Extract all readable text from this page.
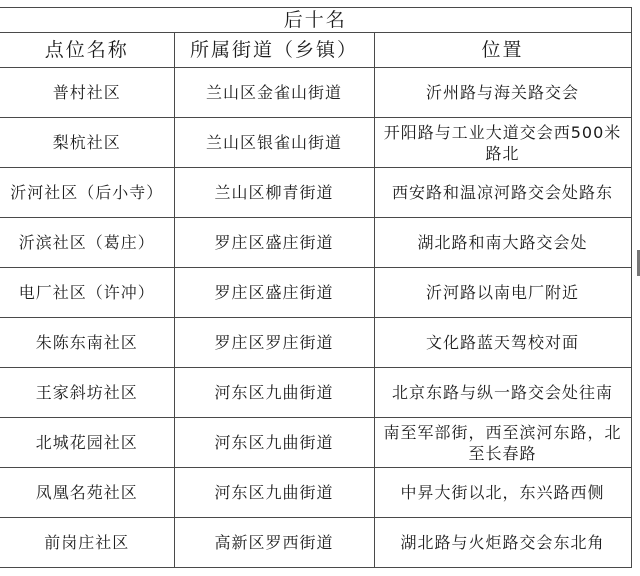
后十名		
点位名称	所属街道（乡镇）	位置
普村社区	兰山区金雀山街道	沂州路与海关路交会
梨杭社区	兰山区银雀山街道	开阳路与工业大道交会西500米路北
沂河社区（后小寺）	兰山区柳青街道	西安路和温凉河路交会处路东
沂滨社区（葛庄）	罗庄区盛庄街道	湖北路和南大路交会处
电厂社区（许冲）	罗庄区盛庄街道	沂河路以南电厂附近
朱陈东南社区	罗庄区罗庄街道	文化路蓝天驾校对面
王家斜坊社区	河东区九曲街道	北京东路与纵一路交会处往南
北城花园社区	河东区九曲街道	南至军部街，西至滨河东路，北至长春路
凤凰名苑社区	河东区九曲街道	中昇大街以北，东兴路西侧
前岗庄社区	高新区罗西街道	湖北路与火炬路交会东北角
